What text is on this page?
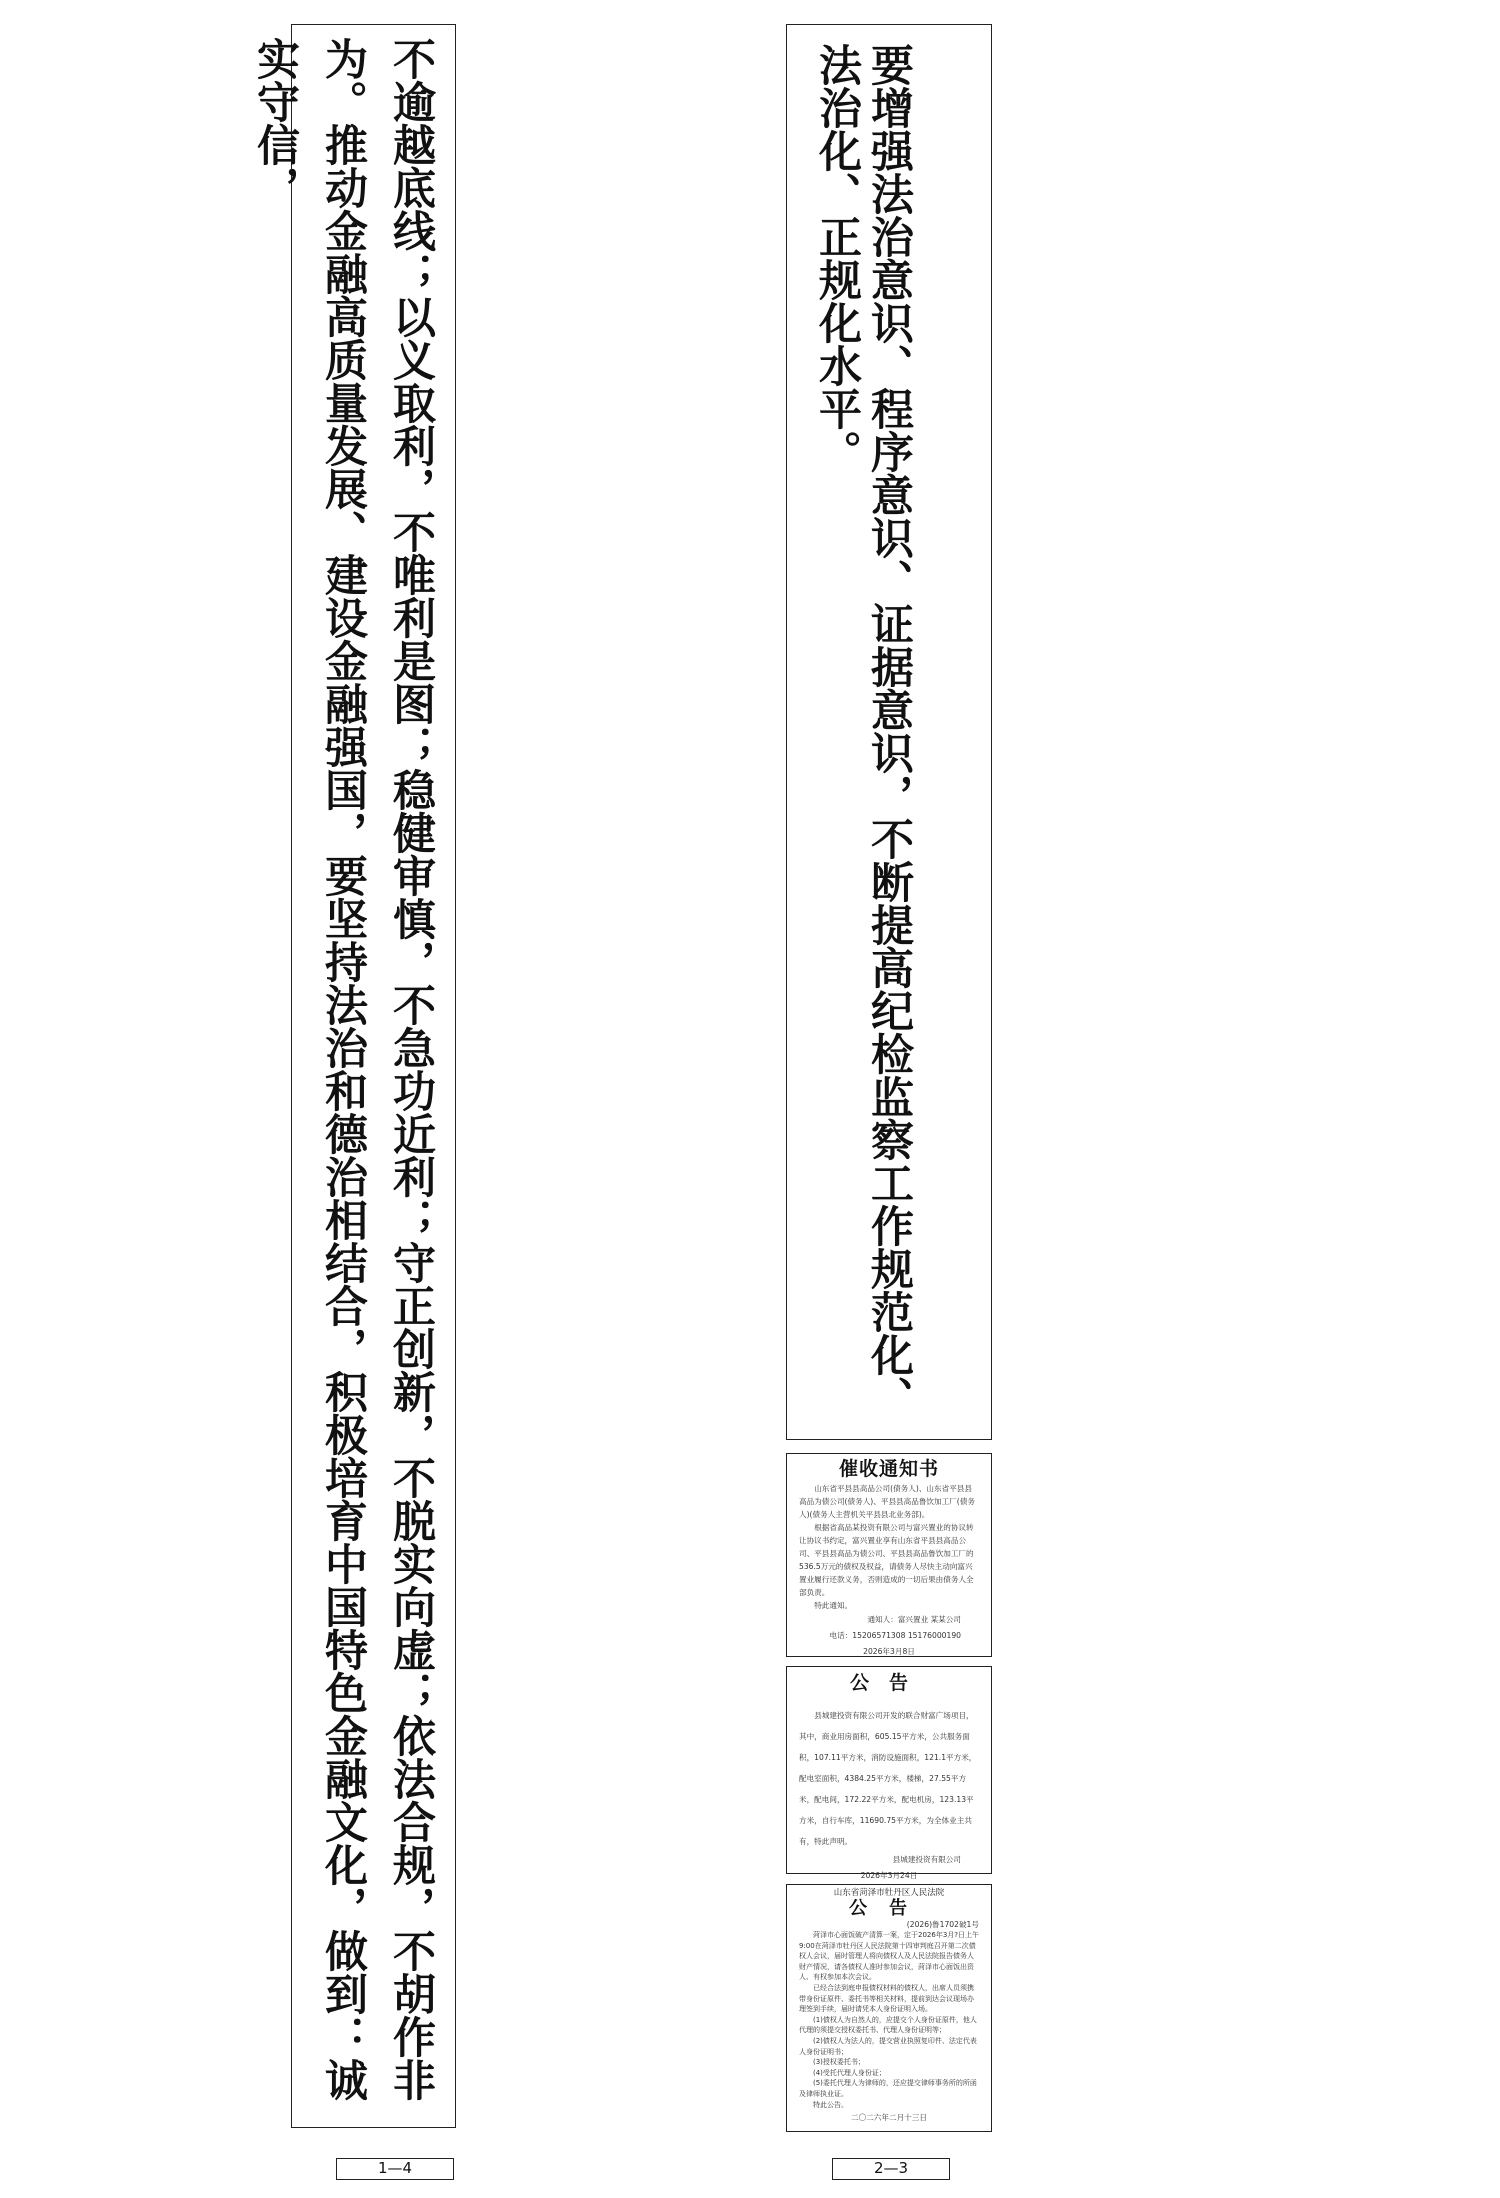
不逾越底线；以义取利，不唯利是图；稳健审慎，不急功近利；守正创新，不脱实向虚；依法合规，不胡作非为。推动金融高质量发展、建设金融强国，要坚持法治和德治相结合，积极培育中国特色金融文化，做到：诚实守信，	要增强法治意识、程序意识、证据意识，不断提高纪检监察工作规范化、法治化、正规化水平。
催收通知书

山东省平县县高品公司(债务人)、山东省平县县高品为债公司(债务人)、平县县高品鲁饮加工厂(债务人)(债务人主营机关平县县北业务部)。

根据省高品某投资有限公司与富兴置业的协议转让协议书约定，富兴置业享有山东省平县县高品公司、平县县高品为债公司、平县县高品鲁饮加工厂的536.5万元的债权及权益，请债务人尽快主动向富兴置业履行还款义务，否则造成的一切后果由债务人全部负责。

特此通知。

通知人：富兴置业 某某公司
电话：15206571308 15176000190
2026年3月8日
公告

县城建投资有限公司开发的联合财富广场项目，其中，商业用房面积，605.15平方米，公共服务面积，107.11平方米，消防设施面积，121.1平方米，配电室面积，4384.25平方米，楼梯，27.55平方米，配电间，172.22平方米，配电机房，123.13平方米，自行车库，11690.75平方米，为全体业主共有，特此声明。

县城建投资有限公司
2026年3月24日
山东省菏泽市牡丹区人民法院
公告
(2026)鲁1702破1号

菏泽市心面饭破产清算一案，定于2026年3月?日上午9:00在菏泽市牡丹区人民法院第十四审判庭召开第二次债权人会议，届时管理人将向债权人及人民法院报告债务人财产情况，请各债权人准时参加会议，菏泽市心面饭出资人、有权参加本次会议。

已经合法到庭申报债权材料的债权人，出席人员须携带身份证原件、委托书等相关材料，提前到达会议现场办理签到手续，届时请凭本人身份证明入场。

(1)债权人为自然人的，应提交个人身份证原件，他人代理的须提交授权委托书、代理人身份证明等；

(2)债权人为法人的，提交营业执照复印件、法定代表人身份证明书；

(3)授权委托书；

(4)受托代理人身份证；

(5)委托代理人为律师的，还应提交律师事务所的所函及律师执业证。

特此公告。

二〇二六年二月十三日
1—4	2—3
